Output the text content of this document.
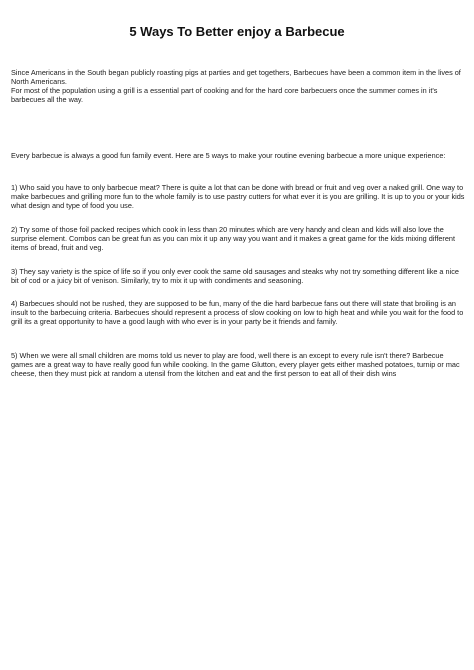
5 Ways To Better enjoy a Barbecue

Since Americans in the South began publicly roasting pigs at parties and get togethers, Barbecues have been a common item in the lives of North Americans.
For most of the population using a grill is a essential part of cooking and for the hard core barbecuers once the summer comes in it's barbecues all the way.

Every barbecue is always a good fun family event. Here are 5 ways to make your routine evening barbecue a more unique experience:

1) Who said you have to only barbecue meat? There is quite a lot that can be done with bread or fruit and veg over a naked grill. One way to make barbecues and grilling more fun to the whole family is to use pastry cutters for what ever it is you are grilling. It is up to you or your kids what design and type of food you use.

2) Try some of those foil packed recipes which cook in less than 20 minutes which are very handy and clean and kids will also love the surprise element. Combos can be great fun as you can mix it up any way you want and it makes a great game for the kids mixing different items of bread, fruit and veg.

3) They say variety is the spice of life so if you only ever cook the same old sausages and steaks why not try something different like a nice bit of cod or a juicy bit of venison. Similarly, try to mix it up with condiments and seasoning.

4) Barbecues should not be rushed, they are supposed to be fun, many of the die hard barbecue fans out there will state that broiling is an insult to the barbecuing criteria. Barbecues should represent a process of slow cooking on low to high heat and while you wait for the food to grill its a great opportunity to have a good laugh with who ever is in your party be it friends and family.

5) When we were all small children are moms told us never to play are food, well there is an except to every rule isn't there? Barbecue games are a great way to have really good fun while cooking. In the game Glutton, every player gets either mashed potatoes, turnip or mac cheese, then they must pick at random a utensil from the kitchen and eat and the first person to eat all of their dish wins
